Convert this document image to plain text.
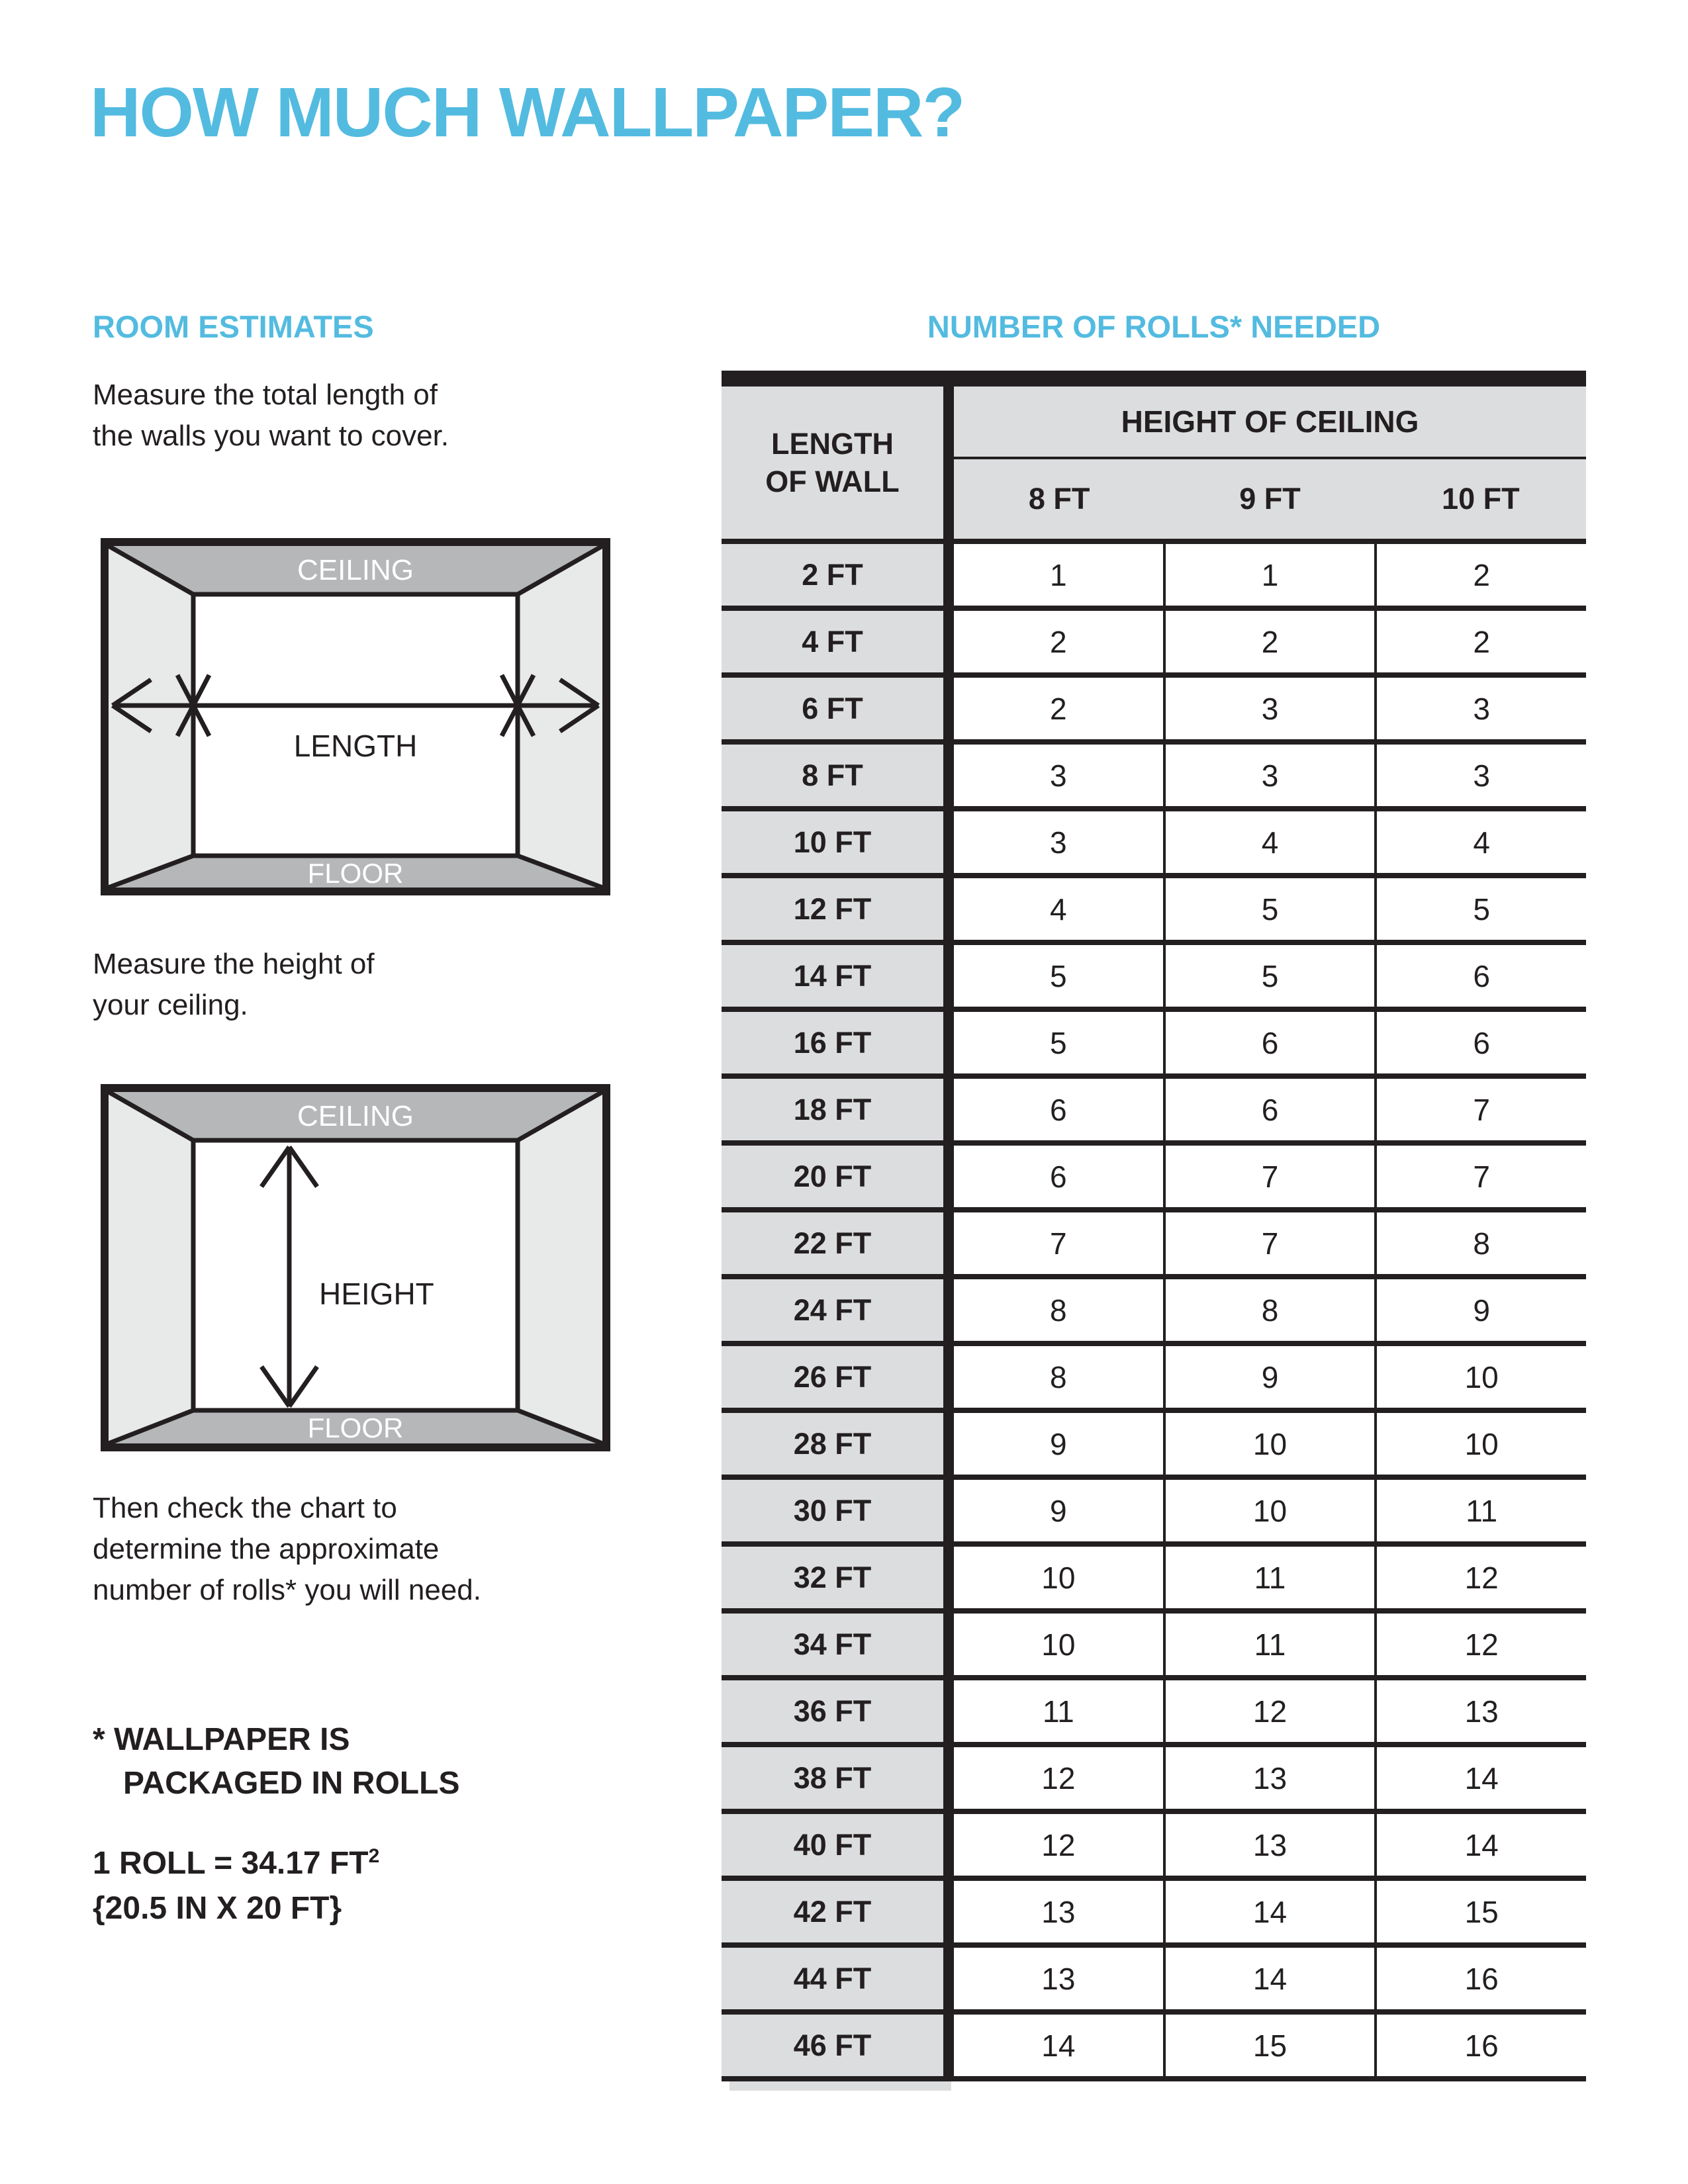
HOW MUCH WALLPAPER?
ROOM ESTIMATES	NUMBER OF ROLLS* NEEDED
Measure the total length of
the walls you want to cover.
CEILING
FLOOR
LENGTH
Measure the height of
your ceiling.
CEILING
FLOOR
HEIGHT
Then check the chart to
determine the approximate
number of rolls* you will need.
* WALLPAPER IS
PACKAGED IN ROLLS
1 ROLL = 34.17 $FT^2$
{20.5 IN X 20 FT}
LENGTH
OF WALL
HEIGHT OF CEILING
8 FT	9 FT	10 FT
2 FT	1	1	2
4 FT	2	2	2
6 FT	2	3	3
8 FT	3	3	3
10 FT	3	4	4
12 FT	4	5	5
14 FT	5	5	6
16 FT	5	6	6
18 FT	6	6	7
20 FT	6	7	7
22 FT	7	7	8
24 FT	8	8	9
26 FT	8	9	10
28 FT	9	10	10
30 FT	9	10	11
32 FT	10	11	12
34 FT	10	11	12
36 FT	11	12	13
38 FT	12	13	14
40 FT	12	13	14
42 FT	13	14	15
44 FT	13	14	16
46 FT	14	15	16
